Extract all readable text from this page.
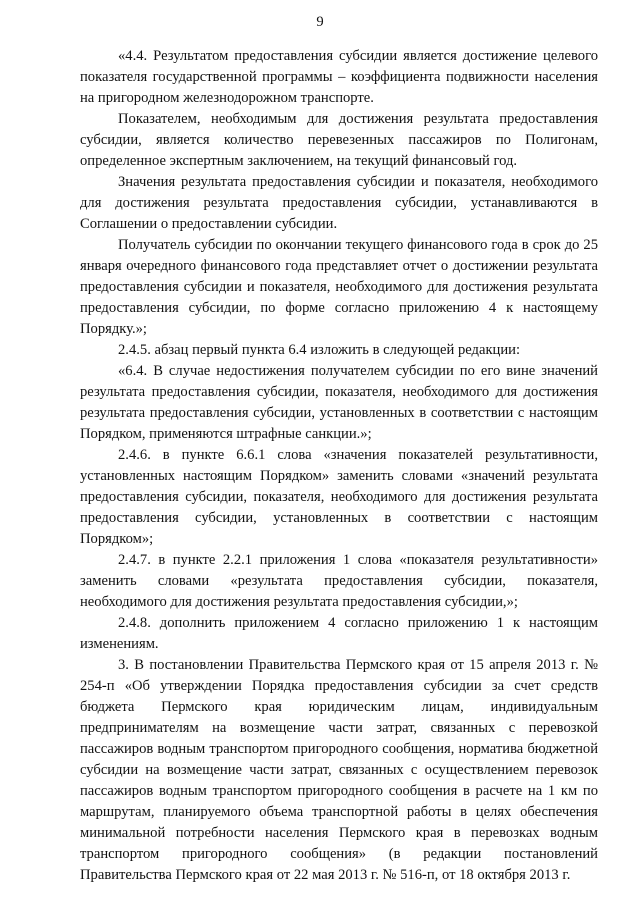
9

«4.4. Результатом предоставления субсидии является достижение целевого показателя государственной программы – коэффициента подвижности населения на пригородном железнодорожном транспорте.

Показателем, необходимым для достижения результата предоставления субсидии, является количество перевезенных пассажиров по Полигонам, определенное экспертным заключением, на текущий финансовый год.

Значения результата предоставления субсидии и показателя, необходимого для достижения результата предоставления субсидии, устанавливаются в Соглашении о предоставлении субсидии.

Получатель субсидии по окончании текущего финансового года в срок до 25 января очередного финансового года представляет отчет о достижении результата предоставления субсидии и показателя, необходимого для достижения результата предоставления субсидии, по форме согласно приложению 4 к настоящему Порядку.»;

2.4.5. абзац первый пункта 6.4 изложить в следующей редакции:

«6.4. В случае недостижения получателем субсидии по его вине значений результата предоставления субсидии, показателя, необходимого для достижения результата предоставления субсидии, установленных в соответствии с настоящим Порядком, применяются штрафные санкции.»;

2.4.6. в пункте 6.6.1 слова «значения показателей результативности, установленных настоящим Порядком» заменить словами «значений результата предоставления субсидии, показателя, необходимого для достижения результата предоставления субсидии, установленных в соответствии с настоящим Порядком»;

2.4.7. в пункте 2.2.1 приложения 1 слова «показателя результативности» заменить словами «результата предоставления субсидии, показателя, необходимого для достижения результата предоставления субсидии,»;

2.4.8. дополнить приложением 4 согласно приложению 1 к настоящим изменениям.

3. В постановлении Правительства Пермского края от 15 апреля 2013 г. № 254-п «Об утверждении Порядка предоставления субсидии за счет средств бюджета Пермского края юридическим лицам, индивидуальным предпринимателям на возмещение части затрат, связанных с перевозкой пассажиров водным транспортом пригородного сообщения, норматива бюджетной субсидии на возмещение части затрат, связанных с осуществлением перевозок пассажиров водным транспортом пригородного сообщения в расчете на 1 км по маршрутам, планируемого объема транспортной работы в целях обеспечения минимальной потребности населения Пермского края в перевозках водным транспортом пригородного сообщения» (в редакции постановлений Правительства Пермского края от 22 мая 2013 г. № 516-п, от 18 октября 2013 г.
